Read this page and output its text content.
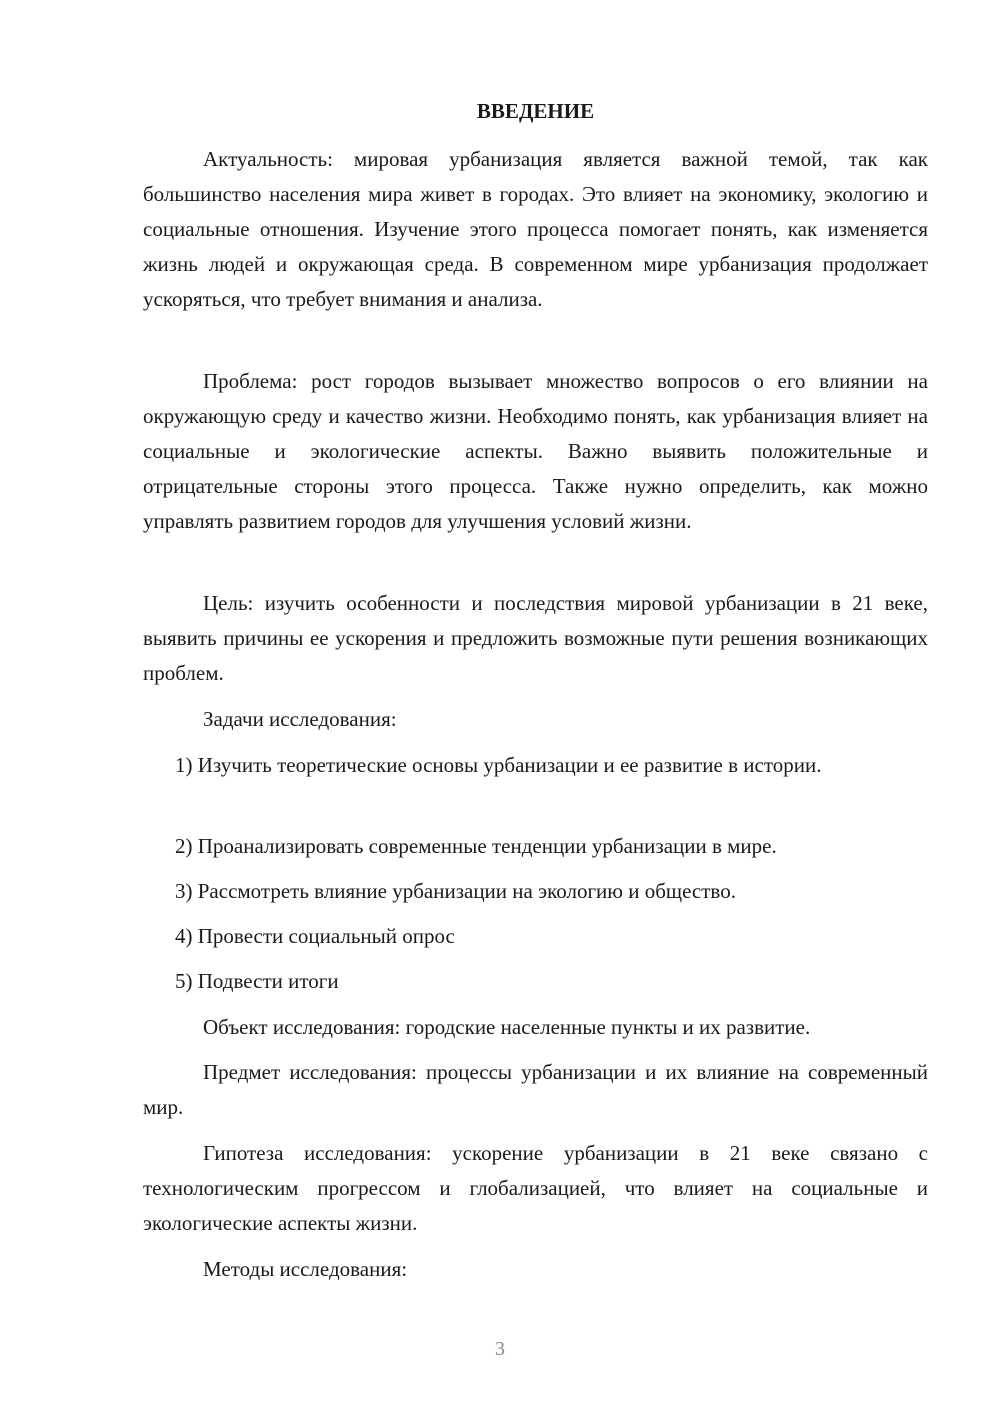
ВВЕДЕНИЕ

Актуальность: мировая урбанизация является важной темой, так как большинство населения мира живет в городах. Это влияет на экономику, экологию и социальные отношения. Изучение этого процесса помогает понять, как изменяется жизнь людей и окружающая среда. В современном мире урбанизация продолжает ускоряться, что требует внимания и анализа.

Проблема: рост городов вызывает множество вопросов о его влиянии на окружающую среду и качество жизни. Необходимо понять, как урбанизация влияет на социальные и экологические аспекты. Важно выявить положительные и отрицательные стороны этого процесса. Также нужно определить, как можно управлять развитием городов для улучшения условий жизни.

Цель: изучить особенности и последствия мировой урбанизации в 21 веке, выявить причины ее ускорения и предложить возможные пути решения возникающих проблем.

Задачи исследования:

1) Изучить теоретические основы урбанизации и ее развитие в истории.

2) Проанализировать современные тенденции урбанизации в мире.

3) Рассмотреть влияние урбанизации на экологию и общество.

4) Провести социальный опрос

5) Подвести итоги

Объект исследования: городские населенные пункты и их развитие.

Предмет исследования: процессы урбанизации и их влияние на современный мир.

Гипотеза исследования: ускорение урбанизации в 21 веке связано с технологическим прогрессом и глобализацией, что влияет на социальные и экологические аспекты жизни.

Методы исследования:

3
